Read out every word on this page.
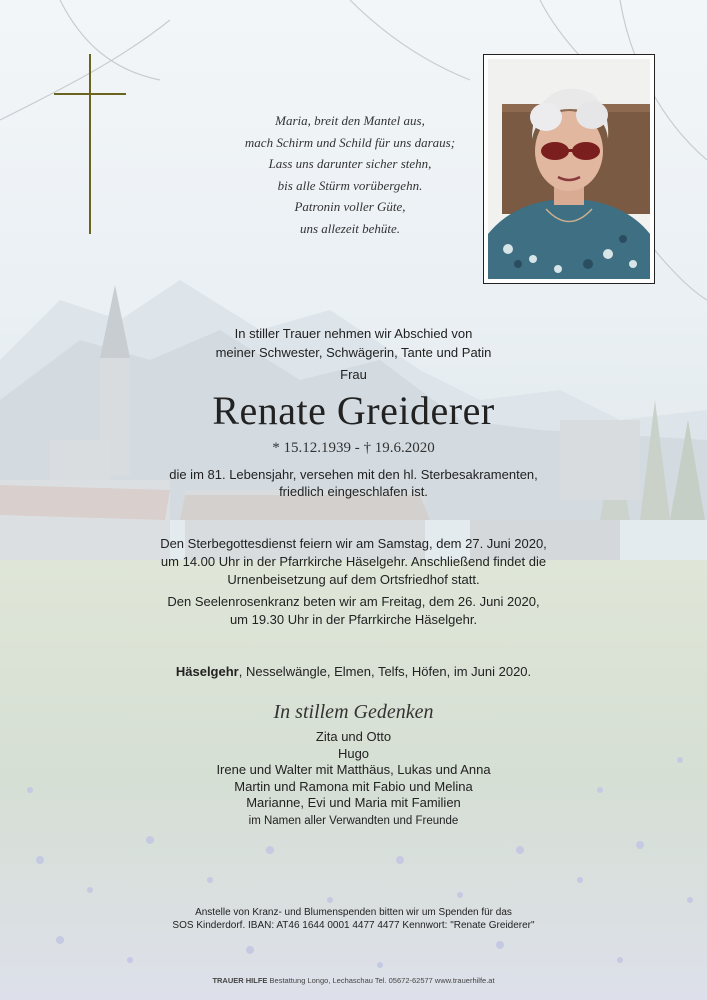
Maria, breit den Mantel aus,
mach Schirm und Schild für uns daraus;
Lass uns darunter sicher stehn,
bis alle Stürm vorübergehn.
Patronin voller Güte,
uns allezeit behüte.
In stiller Trauer nehmen wir Abschied von
meiner Schwester, Schwägerin, Tante und Patin
Frau
Renate Greiderer
* 15.12.1939 - † 19.6.2020
die im 81. Lebensjahr, versehen mit den hl. Sterbesakramenten,
friedlich eingeschlafen ist.
Den Sterbegottesdienst feiern wir am Samstag, dem 27. Juni 2020,
um 14.00 Uhr in der Pfarrkirche Häselgehr. Anschließend findet die
Urnenbeisetzung auf dem Ortsfriedhof statt.
Den Seelenrosenkranz beten wir am Freitag, dem 26. Juni 2020,
um 19.30 Uhr in der Pfarrkirche Häselgehr.
Häselgehr, Nesselwängle, Elmen, Telfs, Höfen, im Juni 2020.
In stillem Gedenken
Zita und Otto
Hugo
Irene und Walter mit Matthäus, Lukas und Anna
Martin und Ramona mit Fabio und Melina
Marianne, Evi und Maria mit Familien
im Namen aller Verwandten und Freunde
Anstelle von Kranz- und Blumenspenden bitten wir um Spenden für das
SOS Kinderdorf. IBAN: AT46 1644 0001 4477 4477 Kennwort: "Renate Greiderer"
TRAUER HILFE Bestattung Longo, Lechaschau Tel. 05672-62577 www.trauerhilfe.at
